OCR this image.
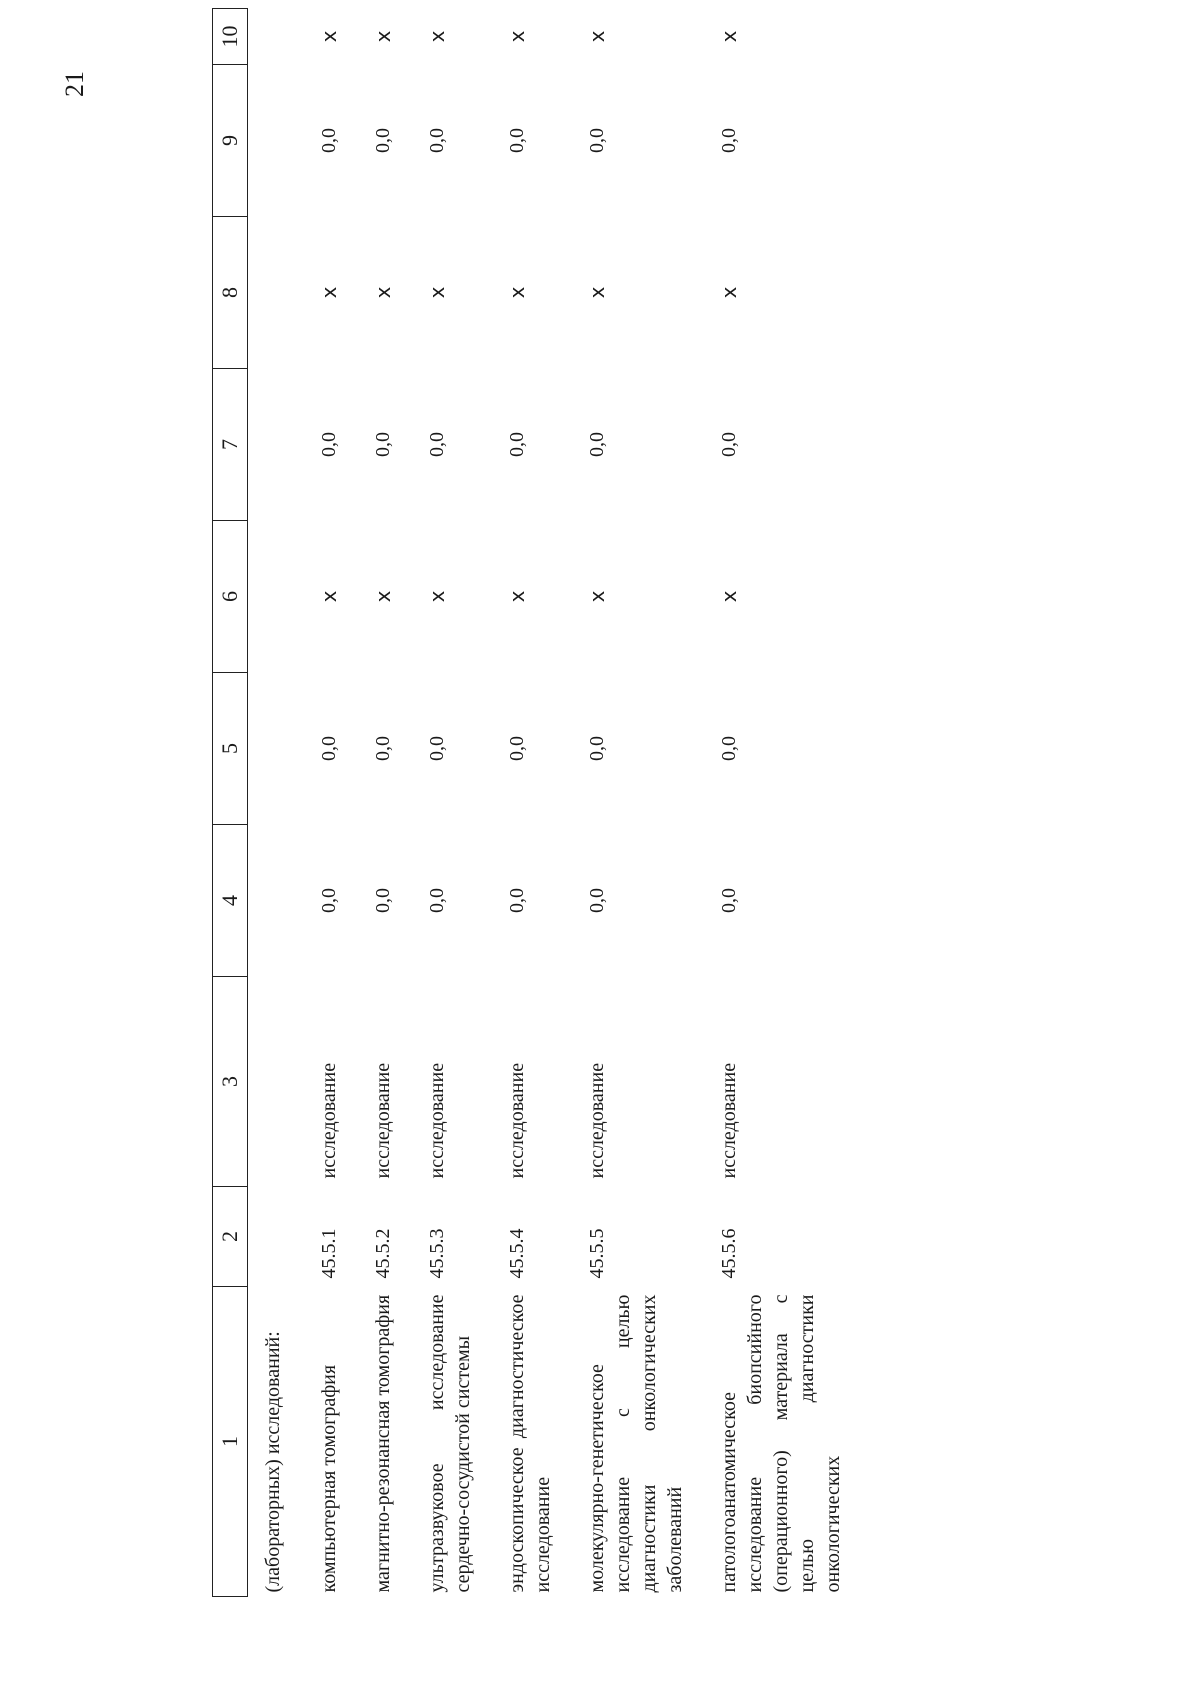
21
1	2	3	4	5	6	7	8	9	10
(лабораторных) исследований:									
компьютерная томография	45.5.1	исследование	0,0	0,0	x	0,0	x	0,0	x
магнитно-резонансная томография	45.5.2	исследование	0,0	0,0	x	0,0	x	0,0	x
ультразвуковое исследование сердечно-сосудистой системы	45.5.3	исследование	0,0	0,0	x	0,0	x	0,0	x
эндоскопическое диагностическое исследование	45.5.4	исследование	0,0	0,0	x	0,0	x	0,0	x
молекулярно-генетическое исследование с целью диагностики онкологических заболеваний	45.5.5	исследование	0,0	0,0	x	0,0	x	0,0	x
патологоанатомическое исследование биопсийного (операционного) материала с целью диагностики онкологических	45.5.6	исследование	0,0	0,0	x	0,0	x	0,0	x
